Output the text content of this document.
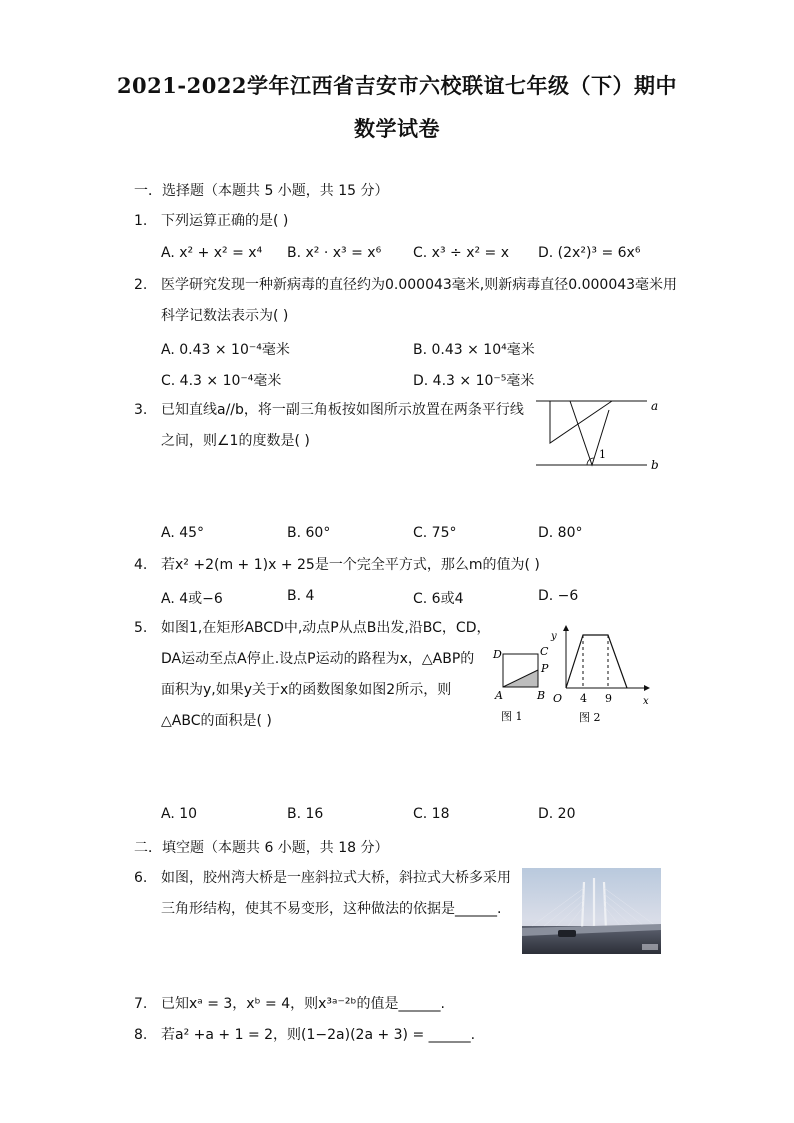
2021-2022学年江西省吉安市六校联谊七年级（下）期中
数学试卷
一．选择题（本题共 5 小题，共 15 分）
1. 下列运算正确的是( )
A. x² + x² = x⁴ B. x² · x³ = x⁶ C. x³ ÷ x² = x D. (2x²)³ = 6x⁶
2. 医学研究发现一种新病毒的直径约为0.000043毫米,则新病毒直径0.000043毫米用
科学记数法表示为( )
A. 0.43 × 10⁻⁴毫米	B. 0.43 × 10⁴毫米
C. 4.3 × 10⁻⁴毫米	D. 4.3 × 10⁻⁵毫米
3. 已知直线a//b，将一副三角板按如图所示放置在两条平行线
之间，则∠1的度数是( )
a
b
1
A. 45°	B. 60°	C. 75°	D. 80°
4. 若x² +2(m + 1)x + 25是一个完全平方式，那么m的值为( )
A. 4或−6	B. 4	C. 6或4	D. −6
5. 如图1,在矩形ABCD中,动点P从点B出发,沿BC，CD，
DA运动至点A停止.设点P运动的路程为x，△ABP的
面积为y,如果y关于x的函数图象如图2所示，则
△ABC的面积是( )
D	C
P
A	B
图 1
y
x
O 4 9
图 2
A. 10	B. 16	C. 18	D. 20
二．填空题（本题共 6 小题，共 18 分）
6. 如图，胶州湾大桥是一座斜拉式大桥，斜拉式大桥多采用
三角形结构，使其不易变形，这种做法的依据是______.
7. 已知xᵃ = 3，xᵇ = 4，则x³ᵃ⁻²ᵇ的值是______.
8. 若a² +a + 1 = 2，则(1−2a)(2a + 3) = ______.
